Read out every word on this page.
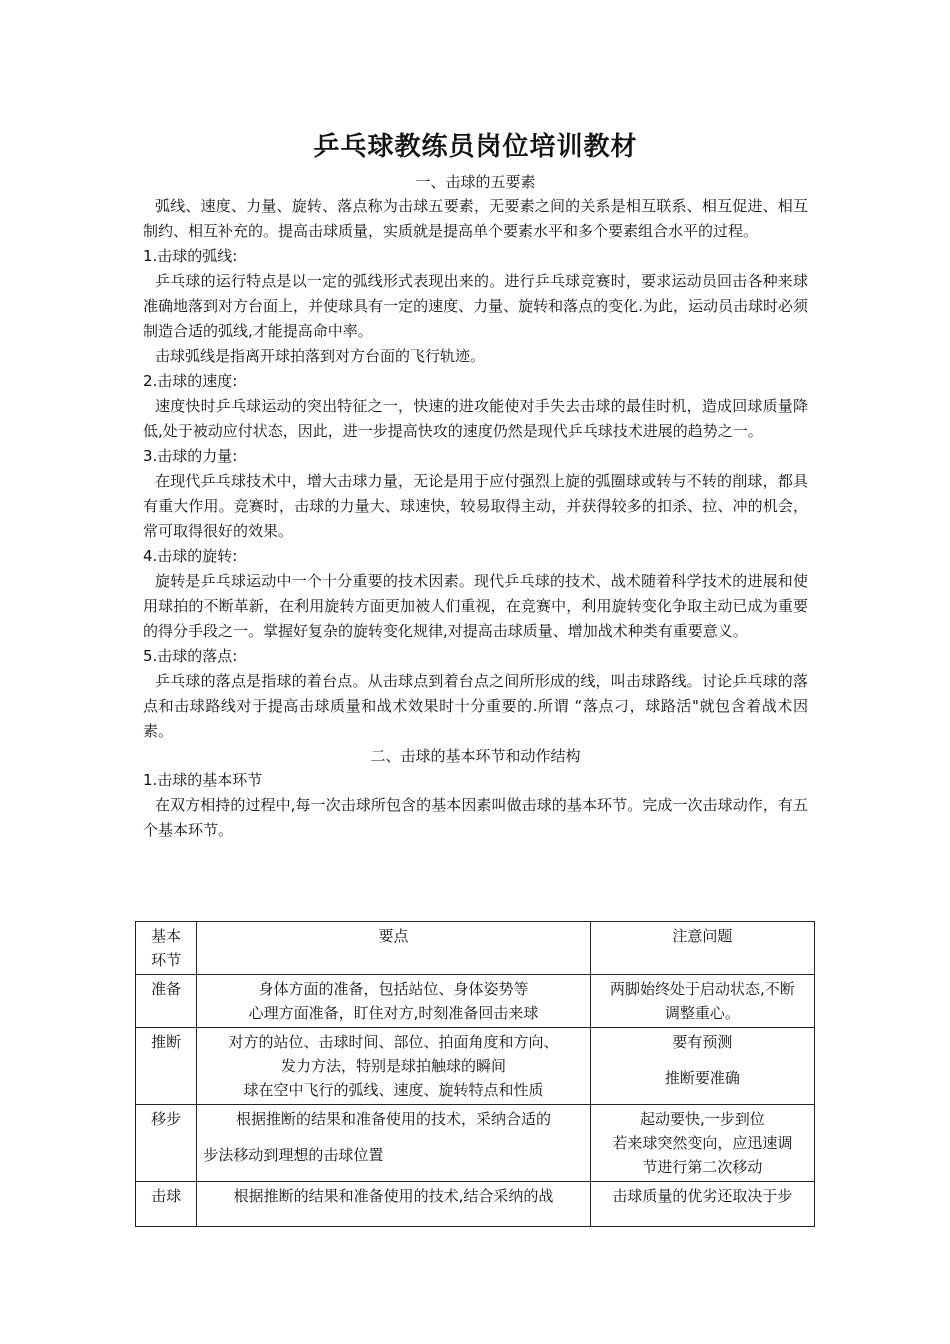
乒乓球教练员岗位培训教材

一、击球的五要素

弧线、速度、力量、旋转、落点称为击球五要素，无要素之间的关系是相互联系、相互促进、相互制约、相互补充的。提高击球质量，实质就是提高单个要素水平和多个要素组合水平的过程。

1.击球的弧线:

乒乓球的运行特点是以一定的弧线形式表现出来的。进行乒乓球竞赛时，要求运动员回击各种来球准确地落到对方台面上，并使球具有一定的速度、力量、旋转和落点的变化.为此，运动员击球时必须制造合适的弧线,才能提高命中率。

击球弧线是指离开球拍落到对方台面的飞行轨迹。

2.击球的速度:

速度快时乒乓球运动的突出特征之一，快速的进攻能使对手失去击球的最佳时机，造成回球质量降低,处于被动应付状态，因此，进一步提高快攻的速度仍然是现代乒乓球技术进展的趋势之一。

3.击球的力量:

在现代乒乓球技术中，增大击球力量，无论是用于应付强烈上旋的弧圈球或转与不转的削球，都具有重大作用。竞赛时，击球的力量大、球速快，较易取得主动，并获得较多的扣杀、拉、冲的机会，常可取得很好的效果。

4.击球的旋转:

旋转是乒乓球运动中一个十分重要的技术因素。现代乒乓球的技术、战术随着科学技术的进展和使用球拍的不断革新，在利用旋转方面更加被人们重视，在竞赛中，利用旋转变化争取主动已成为重要的得分手段之一。掌握好复杂的旋转变化规律,对提高击球质量、增加战术种类有重要意义。

5.击球的落点:

乒乓球的落点是指球的着台点。从击球点到着台点之间所形成的线，叫击球路线。讨论乒乓球的落点和击球路线对于提高击球质量和战术效果时十分重要的.所谓 “落点刁，球路活"就包含着战术因素。

二、击球的基本环节和动作结构

1.击球的基本环节

在双方相持的过程中,每一次击球所包含的基本因素叫做击球的基本环节。完成一次击球动作，有五个基本环节。

基本
环节	要点	注意问题
准备	身体方面的准备，包括站位、身体姿势等
心理方面准备，盯住对方,时刻准备回击来球	两脚始终处于启动状态,不断
调整重心。

推断	对方的站位、击球时间、部位、拍面角度和方向、
发力方法，特别是球拍触球的瞬间
球在空中飞行的弧线、速度、旋转特点和性质	要有预测
推断要准确

移步	根据推断的结果和准备使用的技术，采纳合适的
步法移动到理想的击球位置	起动要快,一步到位
若来球突然变向，应迅速调
节进行第二次移动

击球	根据推断的结果和准备使用的技术,结合采纳的战	击球质量的优劣还取决于步
